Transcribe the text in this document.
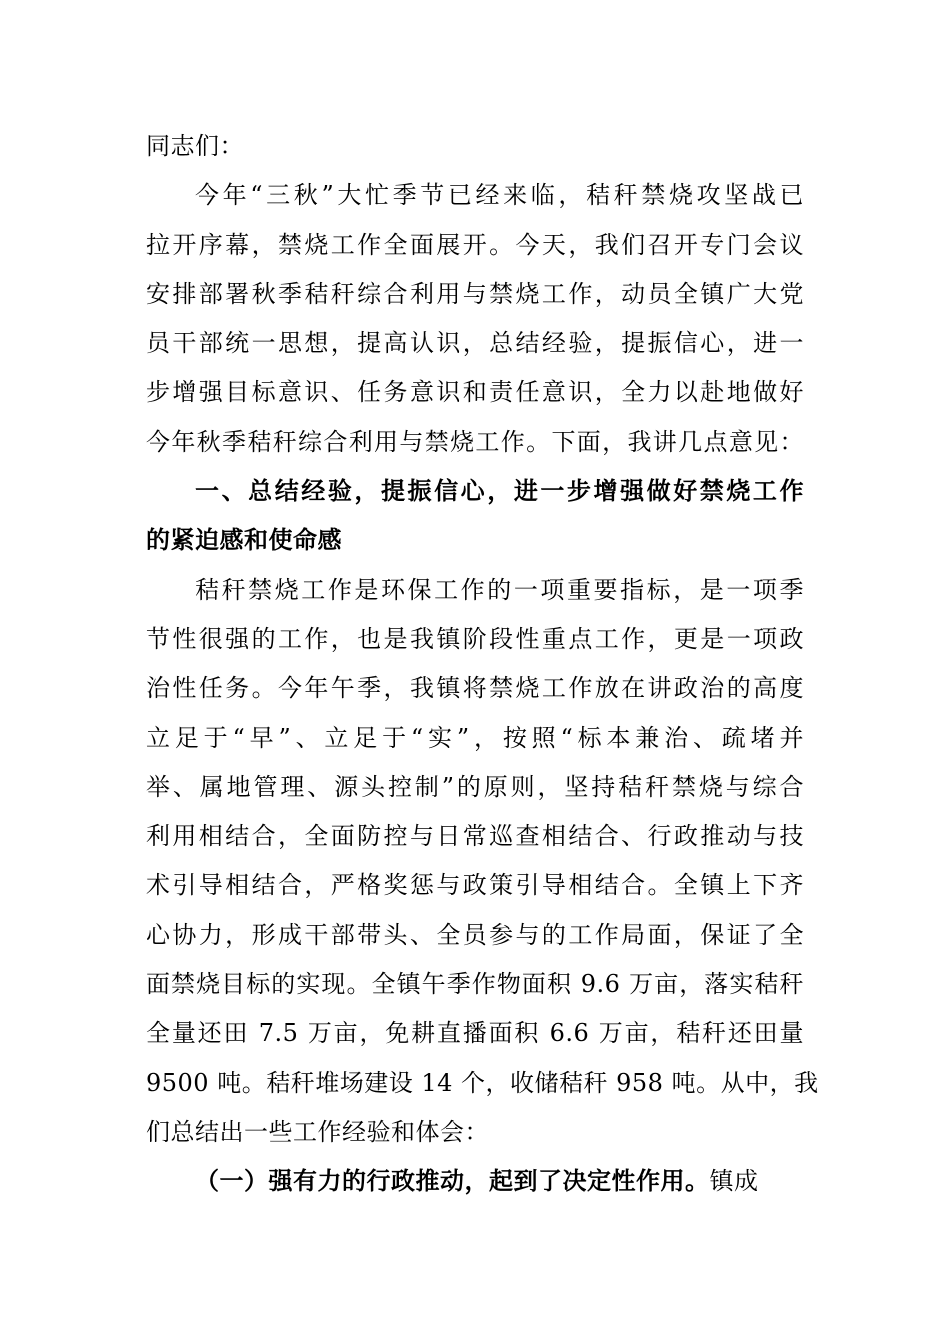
同志们：
今年“三秋”大忙季节已经来临，秸秆禁烧攻坚战已
拉开序幕，禁烧工作全面展开。今天，我们召开专门会议
安排部署秋季秸秆综合利用与禁烧工作，动员全镇广大党
员干部统一思想，提高认识，总结经验，提振信心，进一
步增强目标意识、任务意识和责任意识，全力以赴地做好
今年秋季秸秆综合利用与禁烧工作。下面，我讲几点意见：
一、总结经验，提振信心，进一步增强做好禁烧工作
的紧迫感和使命感
秸秆禁烧工作是环保工作的一项重要指标，是一项季
节性很强的工作，也是我镇阶段性重点工作，更是一项政
治性任务。今年午季，我镇将禁烧工作放在讲政治的高度
立足于“早”、立足于“实”，按照“标本兼治、疏堵并
举、属地管理、源头控制”的原则，坚持秸秆禁烧与综合
利用相结合，全面防控与日常巡查相结合、行政推动与技
术引导相结合，严格奖惩与政策引导相结合。全镇上下齐
心协力，形成干部带头、全员参与的工作局面，保证了全
面禁烧目标的实现。全镇午季作物面积 9.6 万亩，落实秸秆
全量还田 7.5 万亩，免耕直播面积 6.6 万亩，秸秆还田量
9500 吨。秸秆堆场建设 14 个，收储秸秆 958 吨。从中，我
们总结出一些工作经验和体会：
（一）强有力的行政推动，起到了决定性作用。镇成
